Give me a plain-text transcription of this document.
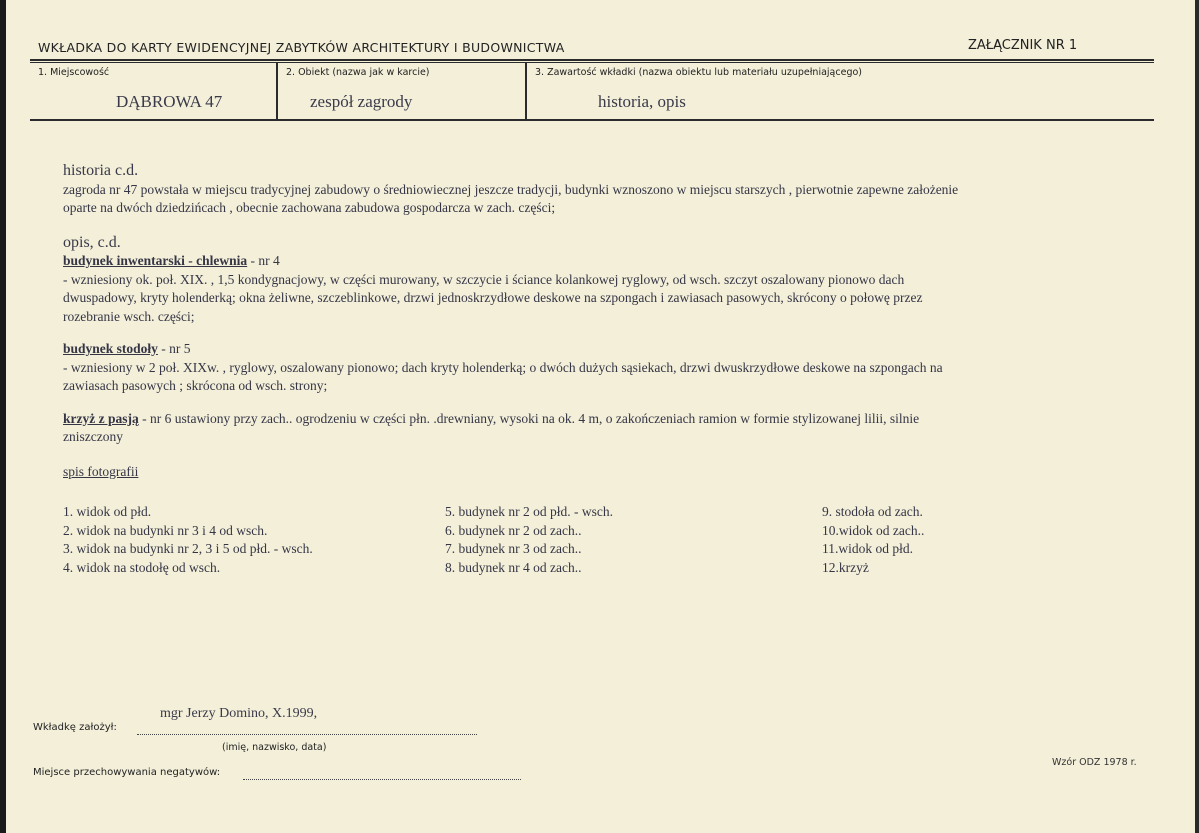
WKŁADKA DO KARTY EWIDENCYJNEJ ZABYTKÓW ARCHITEKTURY I BUDOWNICTWA	ZAŁĄCZNIK NR 1
1. Miejscowość	2. Obiekt (nazwa jak w karcie)	3. Zawartość wkładki (nazwa obiektu lub materiału uzupełniającego)
DĄBROWA 47	zespół zagrody	historia, opis

historia c.d.

zagroda nr 47 powstała w miejscu tradycyjnej zabudowy o średniowiecznej jeszcze tradycji, budynki wznoszono w miejscu starszych , pierwotnie zapewne założenie

oparte na dwóch dziedzińcach , obecnie zachowana zabudowa gospodarcza w zach. części;

opis, c.d.

budynek inwentarski - chlewnia - nr 4

- wzniesiony ok. poł. XIX. , 1,5 kondygnacjowy, w części murowany, w szczycie i ściance kolankowej ryglowy, od wsch. szczyt oszalowany pionowo dach

dwuspadowy, kryty holenderką; okna żeliwne, szczeblinkowe, drzwi jednoskrzydłowe deskowe na szpongach i zawiasach pasowych, skrócony o połowę przez

rozebranie wsch. części;

budynek stodoły - nr 5

- wzniesiony w 2 poł. XIXw. , ryglowy, oszalowany pionowo; dach kryty holenderką; o dwóch dużych sąsiekach, drzwi dwuskrzydłowe deskowe na szpongach na

zawiasach pasowych ; skrócona od wsch. strony;

krzyż z pasją - nr 6 ustawiony przy zach.. ogrodzeniu w części płn. .drewniany, wysoki na ok. 4 m, o zakończeniach ramion w formie stylizowanej lilii, silnie

zniszczony

spis fotografii

1. widok od płd.
2. widok na budynki nr 3 i 4 od wsch.
3. widok na budynki nr 2, 3 i 5 od płd. - wsch.
4. widok na stodołę od wsch.
5. budynek nr 2 od płd. - wsch.
6. budynek nr 2 od zach..
7. budynek nr 3 od zach..
8. budynek nr 4 od zach..
9. stodoła od zach.
10.widok od zach..
11.widok od płd.
12.krzyż
mgr Jerzy Domino, X.1999,
Wkładkę założył:
(imię, nazwisko, data)
Miejsce przechowywania negatywów:
Wzór ODZ 1978 r.
